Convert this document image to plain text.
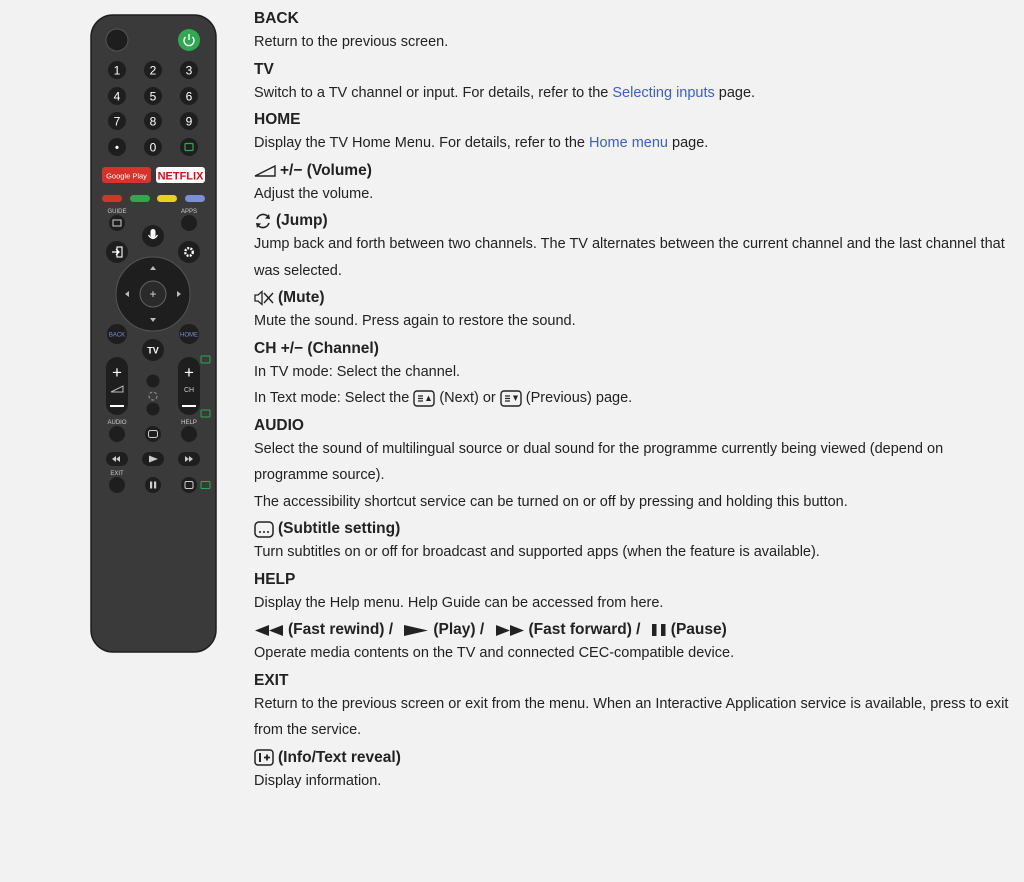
1 2 3
4 5 6
7 8 9
•	0
Google Play NETFLIX
GUIDE	APPS
+
BACK	HOME
TV
+	+
CH
AUDIO	HELP
EXIT
BACK
Return to the previous screen.
TV
Switch to a TV channel or input. For details, refer to the Selecting inputs page.
HOME
Display the TV Home Menu. For details, refer to the Home menu page.
+/− (Volume)
Adjust the volume.
(Jump)
Jump back and forth between two channels. The TV alternates between the current channel and the last channel that was selected.
(Mute)
Mute the sound. Press again to restore the sound.
CH +/− (Channel)

In TV mode: Select the channel.

In Text mode: Select the  (Next) or  (Previous) page.

AUDIO

Select the sound of multilingual source or dual sound for the programme currently being viewed (depend on programme source).

The accessibility shortcut service can be turned on or off by pressing and holding this button.

(Subtitle setting)
Turn subtitles on or off for broadcast and supported apps (when the feature is available).
HELP
Display the Help menu. Help Guide can be accessed from here.
(Fast rewind) / (Play) /	(Fast forward) / (Pause)
Operate media contents on the TV and connected CEC-compatible device.
EXIT
Return to the previous screen or exit from the menu. When an Interactive Application service is available, press to exit from the service.
(Info/Text reveal)
Display information.
